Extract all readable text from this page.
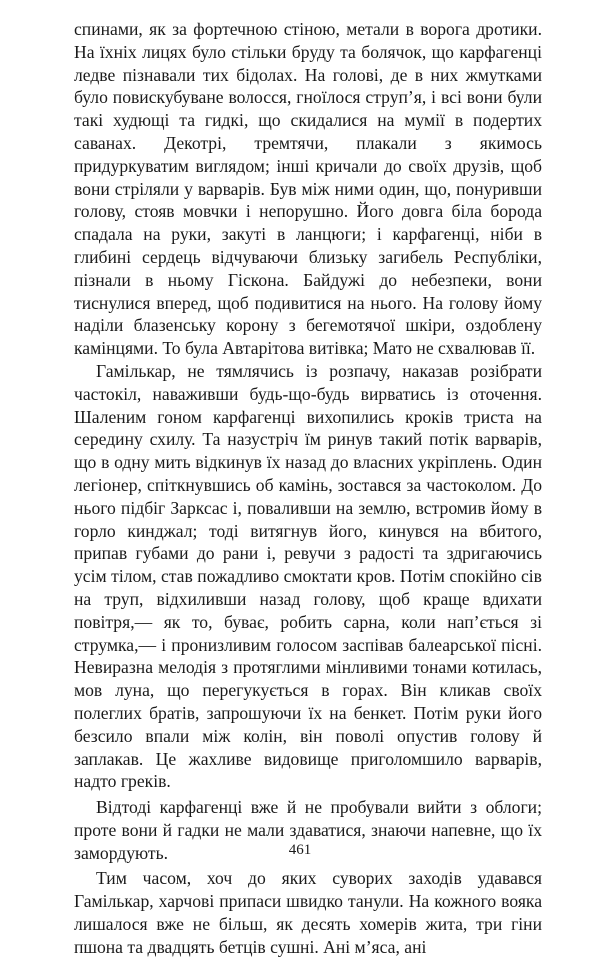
спинами, як за фортечною стіною, метали в ворога дротики. На їхніх лицях було стільки бруду та болячок, що карфагенці ледве пізнавали тих бідолах. На голові, де в них жмутками було повискубуване волосся, гноїлося струп’я, і всі вони були такі худющі та гидкі, що скидалися на мумії в подертих саванах. Декотрі, тремтячи, плакали з якимось придуркуватим виглядом; інші кричали до своїх друзів, щоб вони стріляли у варварів. Був між ними один, що, понуривши голову, стояв мовчки і непорушно. Його довга біла борода спадала на руки, закуті в ланцюги; і карфагенці, ніби в глибині сердець відчуваючи близьку загибель Республіки, пізнали в ньому Гіскона. Байдужі до небезпеки, вони тиснулися вперед, щоб подивитися на нього. На голову йому наділи блазенську корону з бегемотячої шкіри, оздоблену камінцями. То була Автарітова витівка; Мато не схвалював її.

Гамількар, не тямлячись із розпачу, наказав розібрати частокіл, наваживши будь-що-будь вирватись із оточення. Шаленим гоном карфагенці вихопились кроків триста на середину схилу. Та назустріч їм ринув такий потік варварів, що в одну мить відкинув їх назад до власних укріплень. Один легіонер, спіткнувшись об камінь, зостався за частоколом. До нього підбіг Зарксас і, поваливши на землю, встромив йому в горло кинджал; тоді витягнув його, кинувся на вбитого, припав губами до рани і, ревучи з радості та здригаючись усім тілом, став пожадливо смоктати кров. Потім спокійно сів на труп, відхиливши назад голову, щоб краще вдихати повітря,— як то, буває, робить сарна, коли нап’ється зі струмка,— і пронизливим голосом заспівав балеарської пісні. Невиразна мелодія з протяглими мінливими тонами котилась, мов луна, що перегукується в горах. Він кликав своїх полеглих братів, запрошуючи їх на бенкет. Потім руки його безсило впали між колін, він поволі опустив голову й заплакав. Це жахливе видовище приголомшило варварів, надто греків.

Відтоді карфагенці вже й не пробували вийти з облоги; проте вони й гадки не мали здаватися, знаючи напевне, що їх замордують.

Тим часом, хоч до яких суворих заходів удавався Гамількар, харчові припаси швидко танули. На кожного вояка лишалося вже не більш, як десять хомерів жита, три гіни пшона та двадцять бетців сушні. Ані м’яса, ані

461
